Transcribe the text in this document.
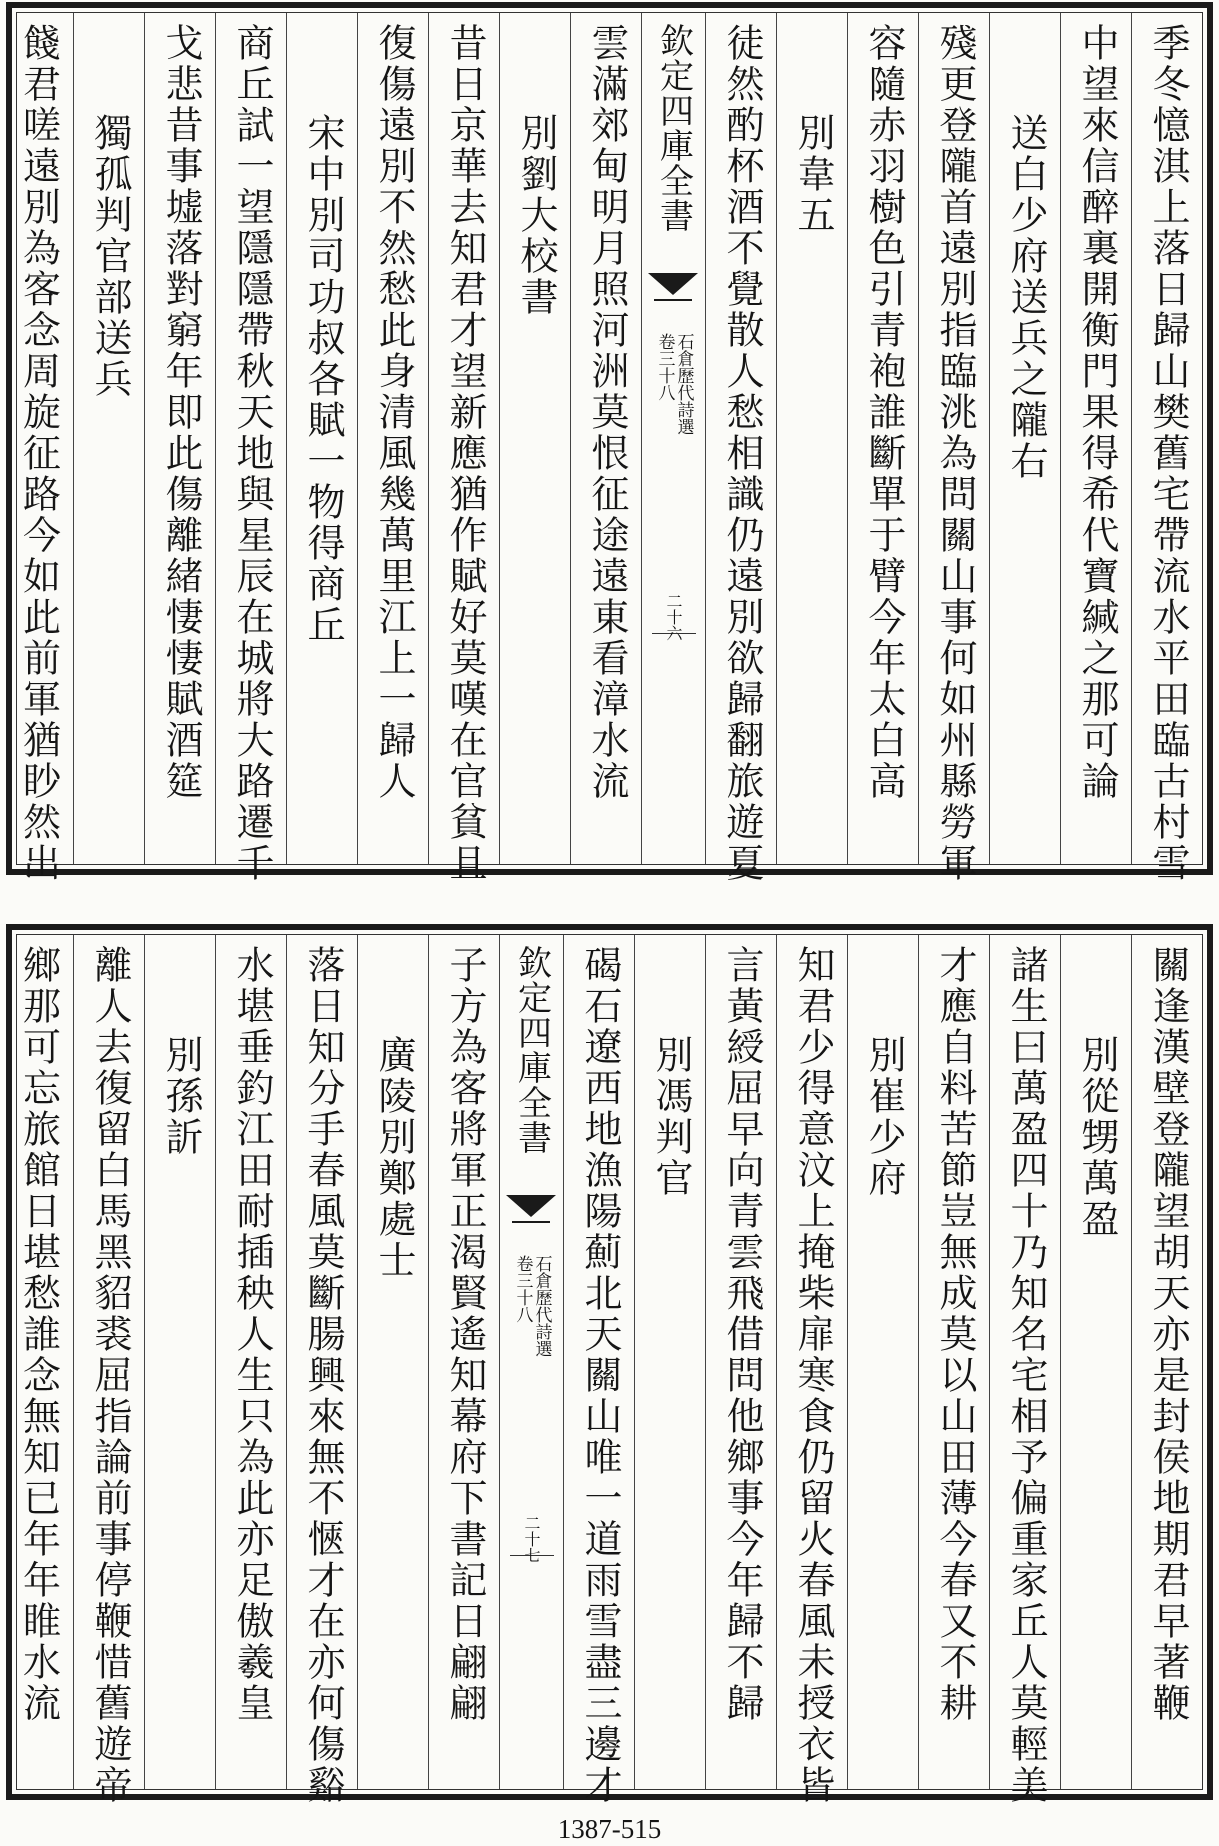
季冬憶淇上落日歸山樊舊宅帶流水平田臨古村雪
中望來信醉裏開衡門果得希代寶緘之那可論
送白少府送兵之隴右
殘更登隴首遠別指臨洮為問關山事何如州縣勞軍
容隨赤羽樹色引青袍誰斷單于臂今年太白高
別韋五
徒然酌杯酒不覺散人愁相識仍遠別欲歸翻旅遊夏
欽定四庫全書
石倉歷代詩選
卷三十八
二十六
雲滿郊甸明月照河洲莫恨征途遠東看漳水流
別劉大校書
昔日京華去知君才望新應猶作賦好莫嘆在官貧且
復傷遠別不然愁此身清風幾萬里江上一歸人
宋中別司功叔各賦一物得商丘
商丘試一望隱隱帶秋天地與星辰在城將大路遷千
戈悲昔事墟落對窮年即此傷離緒悽悽賦酒筵
獨孤判官部送兵
餞君嗟遠別為客念周旋征路今如此前軍猶眇然出
關逢漢壁登隴望胡天亦是封侯地期君早著鞭
別從甥萬盈
諸生曰萬盈四十乃知名宅相予偏重家丘人莫輕美
才應自料苦節豈無成莫以山田薄今春又不耕
別崔少府
知君少得意汶上掩柴扉寒食仍留火春風未授衣皆
言黃綬屈早向青雲飛借問他鄉事今年歸不歸
別馮判官
碣石遼西地漁陽薊北天關山唯一道雨雪盡三邊才
欽定四庫全書
石倉歷代詩選
卷三十八
二十七
子方為客將軍正渴賢遙知幕府下書記日翩翩
廣陵別鄭處士
落日知分手春風莫斷腸興來無不愜才在亦何傷谿
水堪垂釣江田耐插秧人生只為此亦足傲羲皇
別孫訢
離人去復留白馬黑貂裘屈指論前事停鞭惜舊遊帝
鄉那可忘旅館日堪愁誰念無知已年年睢水流
1387-515
